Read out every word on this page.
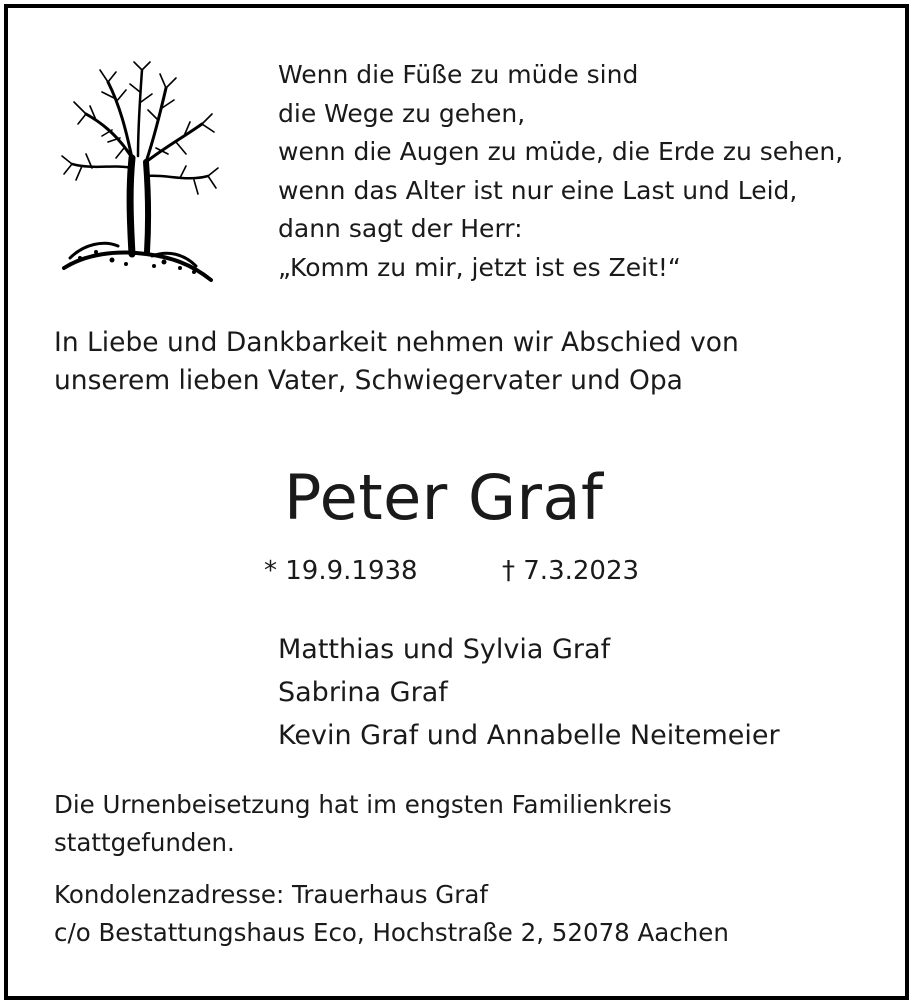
Wenn die Füße zu müde sind
die Wege zu gehen,
wenn die Augen zu müde, die Erde zu sehen,
wenn das Alter ist nur eine Last und Leid,
dann sagt der Herr:
„Komm zu mir, jetzt ist es Zeit!“
In Liebe und Dankbarkeit nehmen wir Abschied von
unserem lieben Vater, Schwiegervater und Opa
Peter Graf
* 19.9.1938	† 7.3.2023
Matthias und Sylvia Graf
Sabrina Graf
Kevin Graf und Annabelle Neitemeier
Die Urnenbeisetzung hat im engsten Familienkreis
stattgefunden.
Kondolenzadresse: Trauerhaus Graf
c/o Bestattungshaus Eco, Hochstraße 2, 52078 Aachen
